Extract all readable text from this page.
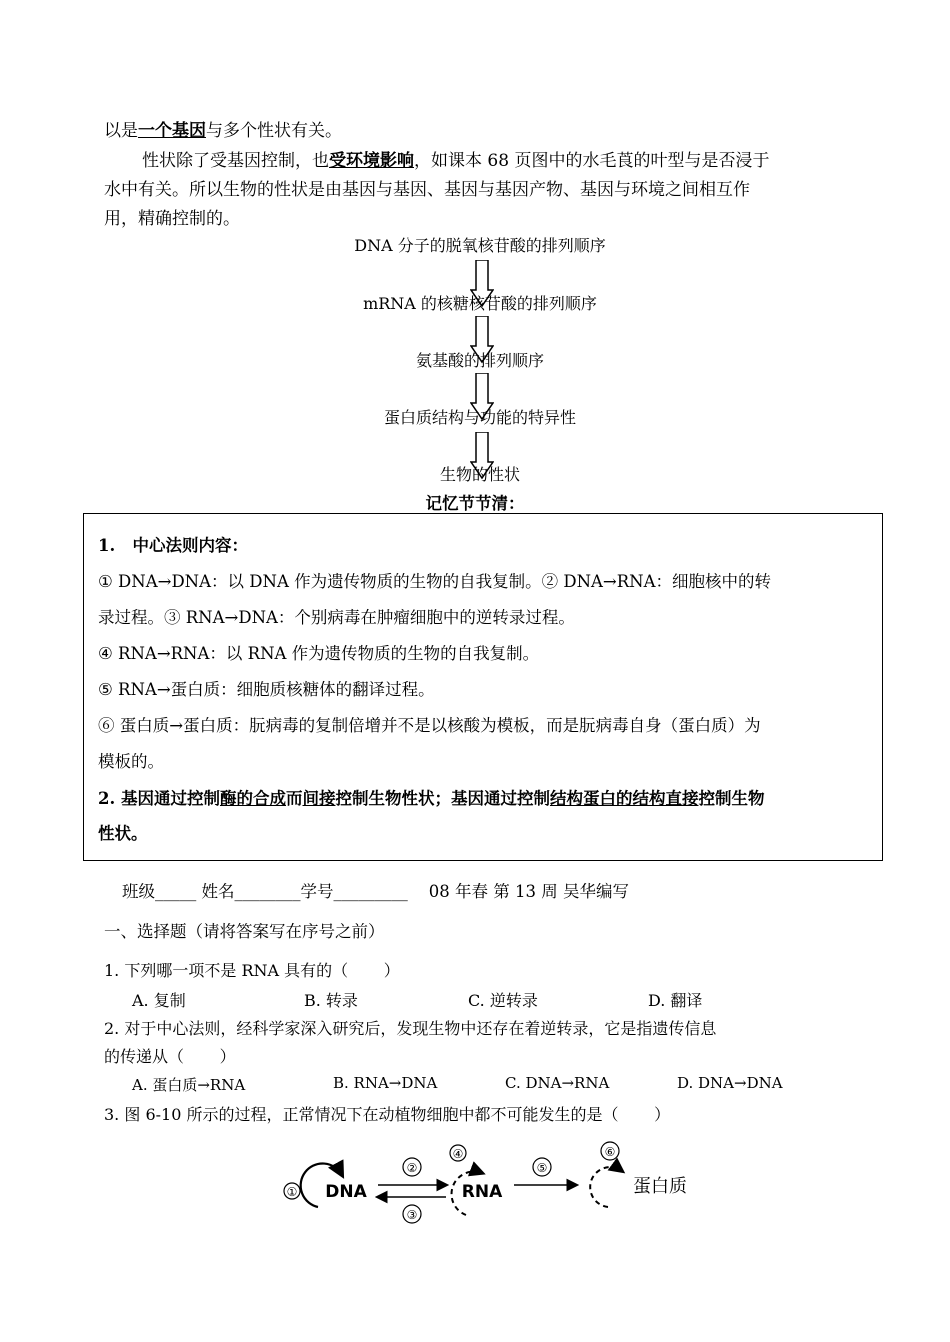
以是一个基因与多个性状有关。
性状除了受基因控制，也受环境影响，如课本 68 页图中的水毛莨的叶型与是否浸于
水中有关。所以生物的性状是由基因与基因、基因与基因产物、基因与环境之间相互作
用，精确控制的。
DNA 分子的脱氧核苷酸的排列顺序
mRNA 的核糖核苷酸的排列顺序
氨基酸的排列顺序
蛋白质结构与功能的特异性
生物的性状
记忆节节清：
1.   中心法则内容：
① DNA→DNA：以 DNA 作为遗传物质的生物的自我复制。② DNA→RNA：细胞核中的转
录过程。③ RNA→DNA：个别病毒在肿瘤细胞中的逆转录过程。
④ RNA→RNA：以 RNA 作为遗传物质的生物的自我复制。
⑤ RNA→蛋白质：细胞质核糖体的翻译过程。
⑥ 蛋白质→蛋白质：朊病毒的复制倍增并不是以核酸为模板，而是朊病毒自身（蛋白质）为
模板的。
2. 基因通过控制酶的合成而间接控制生物性状；基因通过控制结构蛋白的结构直接控制生物
性状。
班级_____ 姓名________学号_________    08 年春 第 13 周 吴华编写
一、选择题（请将答案写在序号之前）
1. 下列哪一项不是 RNA 具有的（       ）
A. 复制	B. 转录	C. 逆转录	D. 翻译
2. 对于中心法则，经科学家深入研究后，发现生物中还存在着逆转录，它是指遗传信息
的传递从（       ）
A. 蛋白质→RNA	B. RNA→DNA	C. DNA→RNA	D. DNA→DNA
3. 图 6-10 所示的过程，正常情况下在动植物细胞中都不可能发生的是（       ）
① DNA
②
③
④
RNA
⑤
⑥
蛋白质
